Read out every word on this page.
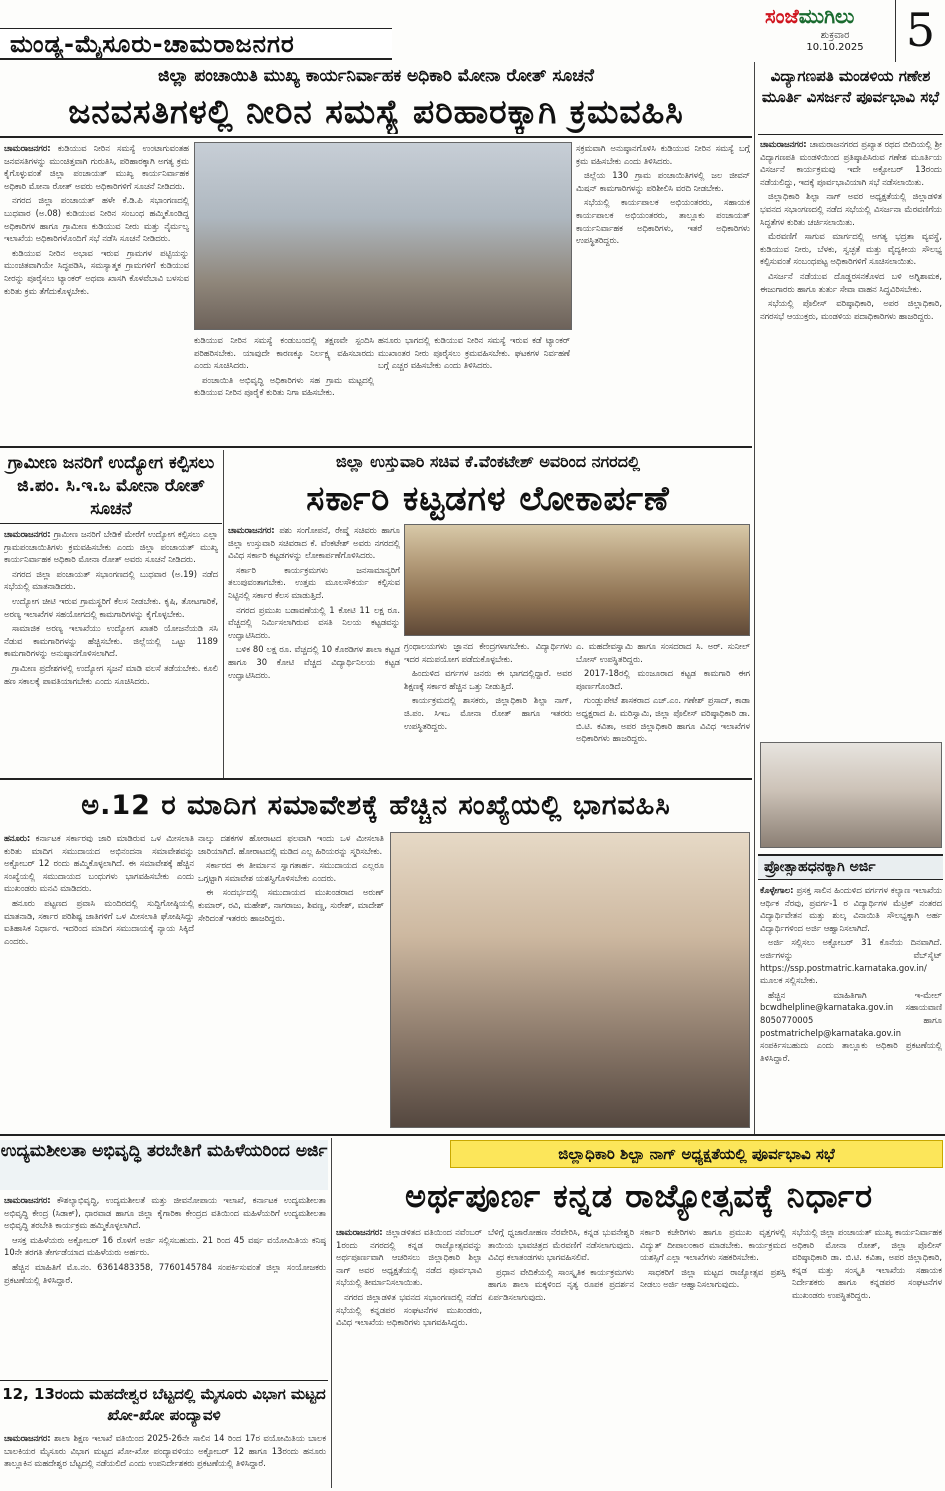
ಮಂಡ್ಯ-ಮೈಸೂರು-ಚಾಮರಾಜನಗರ
ಸಂಜೆಮುಗಿಲು
ಶುಕ್ರವಾರ
10.10.2025 5
ಜಿಲ್ಲಾ ಪಂಚಾಯಿತಿ ಮುಖ್ಯ ಕಾರ್ಯನಿರ್ವಾಹಕ ಅಧಿಕಾರಿ ಮೋನಾ ರೋತ್ ಸೂಚನೆ
ಜನವಸತಿಗಳಲ್ಲಿ ನೀರಿನ ಸಮಸ್ಯೆ ಪರಿಹಾರಕ್ಕಾಗಿ ಕ್ರಮವಹಿಸಿ

ಚಾಮರಾಜನಗರ: ಕುಡಿಯುವ ನೀರಿನ ಸಮಸ್ಯೆ ಉಂಟಾಗುವಂತಹ ಜನವಸತಿಗಳನ್ನು ಮುಂಚಿತ್ತವಾಗಿ ಗುರುತಿಸಿ, ಪರಿಹಾರಕ್ಕಾಗಿ ಅಗತ್ಯ ಕ್ರಮ ಕೈಗೊಳ್ಳುವಂತೆ ಜಿಲ್ಲಾ ಪಂಚಾಯತ್ ಮುಖ್ಯ ಕಾರ್ಯನಿರ್ವಾಹಕ ಅಧಿಕಾರಿ ಮೋನಾ ರೋತ್ ಅವರು ಅಧಿಕಾರಿಗಳಿಗೆ ಸೂಚನೆ ನೀಡಿದರು.

ನಗರದ ಜಿಲ್ಲಾ ಪಂಚಾಯತ್ ಹಳೇ ಕೆ.ಡಿ.ಪಿ ಸಭಾಂಗಣದಲ್ಲಿ ಬುಧವಾರ (ಅ.08) ಕುಡಿಯುವ ನೀರಿನ ಸಂಬಂಧ ಹಮ್ಮಿಕೊಂಡಿದ್ದ ಅಧಿಕಾರಿಗಳ ಹಾಗೂ ಗ್ರಾಮೀಣ ಕುಡಿಯುವ ನೀರು ಮತ್ತು ನೈರ್ಮಲ್ಯ ಇಲಾಖೆಯ ಅಧಿಕಾರಿಗಳೊಂದಿಗೆ ಸಭೆ ನಡೆಸಿ ಸೂಚನೆ ನೀಡಿದರು.

ಕುಡಿಯುವ ನೀರಿನ ಅಭಾವ ಇರುವ ಗ್ರಾಮಗಳ ಪಟ್ಟಿಯನ್ನು ಮುಂಚಿತವಾಗಿಯೇ ಸಿದ್ಧಪಡಿಸಿ, ಸಮಸ್ಯಾತ್ಮಕ ಗ್ರಾಮಗಳಿಗೆ ಕುಡಿಯುವ ನೀರನ್ನು ಪೂರೈಸಲು ಟ್ಯಾಂಕರ್ ಅಥವಾ ಖಾಸಗಿ ಕೊಳವೆಬಾವಿ ಬಳಸುವ ಕುರಿತು ಕ್ರಮ ತೆಗೆದುಕೊಳ್ಳಬೇಕು.

ಕುಡಿಯುವ ನೀರಿನ ಸಮಸ್ಯೆ ಕಂಡುಬಂದಲ್ಲಿ ತಕ್ಷಣವೇ ಸ್ಪಂದಿಸಿ ಪರಿಹರಿಸಬೇಕು. ಯಾವುದೇ ಕಾರಣಕ್ಕೂ ನಿರ್ಲಕ್ಷ್ಯ ವಹಿಸಬಾರದು ಎಂದು ಸೂಚಿಸಿದರು.

ಪಂಚಾಯಿತಿ ಅಭಿವೃದ್ಧಿ ಅಧಿಕಾರಿಗಳು ಸಹ ಗ್ರಾಮ ಮಟ್ಟದಲ್ಲಿ ಕುಡಿಯುವ ನೀರಿನ ಪೂರೈಕೆ ಕುರಿತು ನಿಗಾ ವಹಿಸಬೇಕು.

ಹನೂರು ಭಾಗದಲ್ಲಿ ಕುಡಿಯುವ ನೀರಿನ ಸಮಸ್ಯೆ ಇರುವ ಕಡೆ ಟ್ಯಾಂಕರ್ ಮುಖಾಂತರ ನೀರು ಪೂರೈಸಲು ಕ್ರಮವಹಿಸಬೇಕು. ಘಟಕಗಳ ನಿರ್ವಹಣೆ ಬಗ್ಗೆ ಎಚ್ಚರ ವಹಿಸಬೇಕು ಎಂದು ತಿಳಿಸಿದರು.

ಸಕ್ರಮವಾಗಿ ಅನುಷ್ಠಾನಗೊಳಿಸಿ ಕುಡಿಯುವ ನೀರಿನ ಸಮಸ್ಯೆ ಬಗ್ಗೆ ಕ್ರಮ ವಹಿಸಬೇಕು ಎಂದು ತಿಳಿಸಿದರು.

ಜಿಲ್ಲೆಯ 130 ಗ್ರಾಮ ಪಂಚಾಯಿತಿಗಳಲ್ಲಿ ಜಲ ಜೀವನ್ ಮಿಷನ್ ಕಾಮಗಾರಿಗಳನ್ನು ಪರಿಶೀಲಿಸಿ ವರದಿ ನೀಡಬೇಕು.

ಸಭೆಯಲ್ಲಿ ಕಾರ್ಯಪಾಲಕ ಅಭಿಯಂತರರು, ಸಹಾಯಕ ಕಾರ್ಯಪಾಲಕ ಅಭಿಯಂತರರು, ತಾಲ್ಲೂಕು ಪಂಚಾಯತ್ ಕಾರ್ಯನಿರ್ವಾಹಕ ಅಧಿಕಾರಿಗಳು, ಇತರೆ ಅಧಿಕಾರಿಗಳು ಉಪಸ್ಥಿತರಿದ್ದರು.

ವಿದ್ಯಾಗಣಪತಿ ಮಂಡಳಿಯ ಗಣೇಶ ಮೂರ್ತಿ ವಿಸರ್ಜನೆ ಪೂರ್ವಭಾವಿ ಸಭೆ

ಚಾಮರಾಜನಗರ: ಚಾಮರಾಜನಗರದ ಪ್ರಖ್ಯಾತ ರಥದ ಬೀದಿಯಲ್ಲಿ ಶ್ರೀ ವಿದ್ಯಾಗಣಪತಿ ಮಂಡಳಿಯಿಂದ ಪ್ರತಿಷ್ಠಾಪಿಸಿರುವ ಗಣೇಶ ಮೂರ್ತಿಯ ವಿಸರ್ಜನೆ ಕಾರ್ಯಕ್ರಮವು ಇದೇ ಅಕ್ಟೋಬರ್ 13ರಂದು ನಡೆಯಲಿದ್ದು, ಇದಕ್ಕೆ ಪೂರ್ವಭಾವಿಯಾಗಿ ಸಭೆ ನಡೆಸಲಾಯಿತು.

ಜಿಲ್ಲಾಧಿಕಾರಿ ಶಿಲ್ಪಾ ನಾಗ್ ಅವರ ಅಧ್ಯಕ್ಷತೆಯಲ್ಲಿ ಜಿಲ್ಲಾಡಳಿತ ಭವನದ ಸಭಾಂಗಣದಲ್ಲಿ ನಡೆದ ಸಭೆಯಲ್ಲಿ ವಿಸರ್ಜನಾ ಮೆರವಣಿಗೆಯ ಸಿದ್ಧತೆಗಳ ಕುರಿತು ಚರ್ಚಿಸಲಾಯಿತು.

ಮೆರವಣಿಗೆ ಸಾಗುವ ಮಾರ್ಗದಲ್ಲಿ ಅಗತ್ಯ ಭದ್ರತಾ ವ್ಯವಸ್ಥೆ, ಕುಡಿಯುವ ನೀರು, ಬೆಳಕು, ಸ್ವಚ್ಛತೆ ಮತ್ತು ವೈದ್ಯಕೀಯ ಸೌಲಭ್ಯ ಕಲ್ಪಿಸುವಂತೆ ಸಂಬಂಧಪಟ್ಟ ಅಧಿಕಾರಿಗಳಿಗೆ ಸೂಚಿಸಲಾಯಿತು.

ವಿಸರ್ಜನೆ ನಡೆಯುವ ದೊಡ್ಡರಸನಕೊಳದ ಬಳಿ ಅಗ್ನಿಶಾಮಕ, ಈಜುಗಾರರು ಹಾಗೂ ತುರ್ತು ಸೇವಾ ವಾಹನ ಸಿದ್ಧವಿರಿಸಬೇಕು.

ಸಭೆಯಲ್ಲಿ ಪೊಲೀಸ್ ವರಿಷ್ಠಾಧಿಕಾರಿ, ಅಪರ ಜಿಲ್ಲಾಧಿಕಾರಿ, ನಗರಸಭೆ ಆಯುಕ್ತರು, ಮಂಡಳಿಯ ಪದಾಧಿಕಾರಿಗಳು ಹಾಜರಿದ್ದರು.

ಪ್ರೋತ್ಸಾಹಧನಕ್ಕಾಗಿ ಅರ್ಜಿ

ಕೊಳ್ಳೇಗಾಲ: ಪ್ರಸಕ್ತ ಸಾಲಿನ ಹಿಂದುಳಿದ ವರ್ಗಗಳ ಕಲ್ಯಾಣ ಇಲಾಖೆಯ ಆರ್ಥಿಕ ನೆರವು, ಪ್ರವರ್ಗ-1 ರ ವಿದ್ಯಾರ್ಥಿಗಳ ಮೆಟ್ರಿಕ್ ನಂತರದ ವಿದ್ಯಾರ್ಥಿವೇತನ ಮತ್ತು ಶುಲ್ಕ ವಿನಾಯಿತಿ ಸೌಲಭ್ಯಕ್ಕಾಗಿ ಅರ್ಹ ವಿದ್ಯಾರ್ಥಿಗಳಿಂದ ಅರ್ಜಿ ಆಹ್ವಾನಿಸಲಾಗಿದೆ.

ಅರ್ಜಿ ಸಲ್ಲಿಸಲು ಅಕ್ಟೋಬರ್ 31 ಕೊನೆಯ ದಿನವಾಗಿದೆ. ಅರ್ಜಿಗಳನ್ನು ವೆಬ್‌ಸೈಟ್ https://ssp.postmatric.karnataka.gov.in/ ಮೂಲಕ ಸಲ್ಲಿಸಬೇಕು.

ಹೆಚ್ಚಿನ ಮಾಹಿತಿಗಾಗಿ ಇ-ಮೇಲ್ bcwdhelpline@karnataka.gov.in ಸಹಾಯವಾಣಿ 8050770005 ಹಾಗೂ postmatrichelp@karnataka.gov.in ಸಂಪರ್ಕಿಸಬಹುದು ಎಂದು ತಾಲ್ಲೂಕು ಅಧಿಕಾರಿ ಪ್ರಕಟಣೆಯಲ್ಲಿ ತಿಳಿಸಿದ್ದಾರೆ.

ಗ್ರಾಮೀಣ ಜನರಿಗೆ ಉದ್ಯೋಗ ಕಲ್ಪಿಸಲು ಜಿ.ಪಂ. ಸಿ.ಇ.ಒ ಮೋನಾ ರೋತ್ ಸೂಚನೆ

ಚಾಮರಾಜನಗರ: ಗ್ರಾಮೀಣ ಜನರಿಗೆ ಬೇಡಿಕೆ ಮೇರೆಗೆ ಉದ್ಯೋಗ ಕಲ್ಪಿಸಲು ಎಲ್ಲಾ ಗ್ರಾಮಪಂಚಾಯಿತಿಗಳು ಕ್ರಮವಹಿಸಬೇಕು ಎಂದು ಜಿಲ್ಲಾ ಪಂಚಾಯತ್ ಮುಖ್ಯ ಕಾರ್ಯನಿರ್ವಾಹಕ ಅಧಿಕಾರಿ ಮೋನಾ ರೋತ್ ಅವರು ಸೂಚನೆ ನೀಡಿದರು.

ನಗರದ ಜಿಲ್ಲಾ ಪಂಚಾಯತ್ ಸಭಾಂಗಣದಲ್ಲಿ ಬುಧವಾರ (ಅ.19) ನಡೆದ ಸಭೆಯಲ್ಲಿ ಮಾತನಾಡಿದರು.

ಉದ್ಯೋಗ ಚೀಟಿ ಇರುವ ಗ್ರಾಮಸ್ಥರಿಗೆ ಕೆಲಸ ನೀಡಬೇಕು. ಕೃಷಿ, ತೋಟಗಾರಿಕೆ, ಅರಣ್ಯ ಇಲಾಖೆಗಳ ಸಹಯೋಗದಲ್ಲಿ ಕಾಮಗಾರಿಗಳನ್ನು ಕೈಗೊಳ್ಳಬೇಕು.

ಸಾಮಾಜಿಕ ಅರಣ್ಯ ಇಲಾಖೆಯು ಉದ್ಯೋಗ ಖಾತರಿ ಯೋಜನೆಯಡಿ ಸಸಿ ನೆಡುವ ಕಾಮಗಾರಿಗಳನ್ನು ಹೆಚ್ಚಿಸಬೇಕು. ಜಿಲ್ಲೆಯಲ್ಲಿ ಒಟ್ಟು 1189 ಕಾಮಗಾರಿಗಳನ್ನು ಅನುಷ್ಠಾನಗೊಳಿಸಲಾಗಿದೆ.

ಗ್ರಾಮೀಣ ಪ್ರದೇಶಗಳಲ್ಲಿ ಉದ್ಯೋಗ ಸೃಜನೆ ಮಾಡಿ ವಲಸೆ ತಡೆಯಬೇಕು. ಕೂಲಿ ಹಣ ಸಕಾಲಕ್ಕೆ ಪಾವತಿಯಾಗಬೇಕು ಎಂದು ಸೂಚಿಸಿದರು.

ಜಿಲ್ಲಾ ಉಸ್ತುವಾರಿ ಸಚಿವ ಕೆ.ವೆಂಕಟೇಶ್ ಅವರಿಂದ ನಗರದಲ್ಲಿ
ಸರ್ಕಾರಿ ಕಟ್ಟಡಗಳ ಲೋಕಾರ್ಪಣೆ

ಚಾಮರಾಜನಗರ: ಪಶು ಸಂಗೋಪನೆ, ರೇಷ್ಮೆ ಸಚಿವರು ಹಾಗೂ ಜಿಲ್ಲಾ ಉಸ್ತುವಾರಿ ಸಚಿವರಾದ ಕೆ. ವೆಂಕಟೇಶ್ ಅವರು ನಗರದಲ್ಲಿ ವಿವಿಧ ಸರ್ಕಾರಿ ಕಟ್ಟಡಗಳನ್ನು ಲೋಕಾರ್ಪಣೆಗೊಳಿಸಿದರು.

ಸರ್ಕಾರಿ ಕಾರ್ಯಕ್ರಮಗಳು ಜನಸಾಮಾನ್ಯರಿಗೆ ತಲುಪುವಂತಾಗಬೇಕು. ಉತ್ತಮ ಮೂಲಸೌಕರ್ಯ ಕಲ್ಪಿಸುವ ನಿಟ್ಟಿನಲ್ಲಿ ಸರ್ಕಾರ ಕೆಲಸ ಮಾಡುತ್ತಿದೆ.

ನಗರದ ಪ್ರಮುಖ ಬಡಾವಣೆಯಲ್ಲಿ 1 ಕೋಟಿ 11 ಲಕ್ಷ ರೂ. ವೆಚ್ಚದಲ್ಲಿ ನಿರ್ಮಿಸಲಾಗಿರುವ ವಸತಿ ನಿಲಯ ಕಟ್ಟಡವನ್ನು ಉದ್ಘಾಟಿಸಿದರು.

ಬಳಿಕ 80 ಲಕ್ಷ ರೂ. ವೆಚ್ಚದಲ್ಲಿ 10 ಕೊಠಡಿಗಳ ಶಾಲಾ ಕಟ್ಟಡ ಹಾಗೂ 30 ಕೋಟಿ ವೆಚ್ಚದ ವಿದ್ಯಾರ್ಥಿನಿಲಯ ಕಟ್ಟಡ ಉದ್ಘಾಟಿಸಿದರು.

ಗ್ರಂಥಾಲಯಗಳು ಜ್ಞಾನದ ಕೇಂದ್ರಗಳಾಗಬೇಕು. ವಿದ್ಯಾರ್ಥಿಗಳು ಇದರ ಸದುಪಯೋಗ ಪಡೆದುಕೊಳ್ಳಬೇಕು.

ಹಿಂದುಳಿದ ವರ್ಗಗಳ ಜನರು ಈ ಭಾಗದಲ್ಲಿದ್ದಾರೆ. ಅವರ ಶಿಕ್ಷಣಕ್ಕೆ ಸರ್ಕಾರ ಹೆಚ್ಚಿನ ಒತ್ತು ನೀಡುತ್ತಿದೆ.

ಕಾರ್ಯಕ್ರಮದಲ್ಲಿ ಶಾಸಕರು, ಜಿಲ್ಲಾಧಿಕಾರಿ ಶಿಲ್ಪಾ ನಾಗ್, ಜಿ.ಪಂ. ಸಿಇಒ ಮೋನಾ ರೋತ್ ಹಾಗೂ ಇತರರು ಉಪಸ್ಥಿತರಿದ್ದರು.

ಎ. ಮಹದೇವಸ್ವಾಮಿ ಹಾಗೂ ಸಂಸದರಾದ ಸಿ. ಅರ್. ಸುನೀಲ್ ಬೋಸ್ ಉಪಸ್ಥಿತರಿದ್ದರು.

2017-18ರಲ್ಲಿ ಮಂಜೂರಾದ ಕಟ್ಟಡ ಕಾಮಗಾರಿ ಈಗ ಪೂರ್ಣಗೊಂಡಿದೆ.

ಗುಂಡ್ಲುಪೇಟೆ ಶಾಸಕರಾದ ಎಚ್.ಎಂ. ಗಣೇಶ್ ಪ್ರಸಾದ್, ಕಾಡಾ ಅಧ್ಯಕ್ಷರಾದ ಪಿ. ಮರಿಸ್ವಾಮಿ, ಜಿಲ್ಲಾ ಪೊಲೀಸ್ ವರಿಷ್ಠಾಧಿಕಾರಿ ಡಾ. ಬಿ.ಟಿ. ಕವಿತಾ, ಅಪರ ಜಿಲ್ಲಾಧಿಕಾರಿ ಹಾಗೂ ವಿವಿಧ ಇಲಾಖೆಗಳ ಅಧಿಕಾರಿಗಳು ಹಾಜರಿದ್ದರು.

ಅ.12 ರ ಮಾದಿಗ ಸಮಾವೇಶಕ್ಕೆ ಹೆಚ್ಚಿನ ಸಂಖ್ಯೆಯಲ್ಲಿ ಭಾಗವಹಿಸಿ

ಹನೂರು: ಕರ್ನಾಟಕ ಸರ್ಕಾರವು ಜಾರಿ ಮಾಡಿರುವ ಒಳ ಮೀಸಲಾತಿ ಕುರಿತು ಮಾದಿಗ ಸಮುದಾಯದ ಅಭಿನಂದನಾ ಸಮಾವೇಶವನ್ನು ಅಕ್ಟೋಬರ್ 12 ರಂದು ಹಮ್ಮಿಕೊಳ್ಳಲಾಗಿದೆ. ಈ ಸಮಾವೇಶಕ್ಕೆ ಹೆಚ್ಚಿನ ಸಂಖ್ಯೆಯಲ್ಲಿ ಸಮುದಾಯದ ಬಂಧುಗಳು ಭಾಗವಹಿಸಬೇಕು ಎಂದು ಮುಖಂಡರು ಮನವಿ ಮಾಡಿದರು.

ಹನೂರು ಪಟ್ಟಣದ ಪ್ರವಾಸಿ ಮಂದಿರದಲ್ಲಿ ಸುದ್ದಿಗೋಷ್ಠಿಯಲ್ಲಿ ಮಾತನಾಡಿ, ಸರ್ಕಾರ ಪರಿಶಿಷ್ಟ ಜಾತಿಗಳಿಗೆ ಒಳ ಮೀಸಲಾತಿ ಘೋಷಿಸಿದ್ದು ಐತಿಹಾಸಿಕ ನಿರ್ಧಾರ. ಇದರಿಂದ ಮಾದಿಗ ಸಮುದಾಯಕ್ಕೆ ನ್ಯಾಯ ಸಿಕ್ಕಿದೆ ಎಂದರು.

ನಾಲ್ಕು ದಶಕಗಳ ಹೋರಾಟದ ಫಲವಾಗಿ ಇಂದು ಒಳ ಮೀಸಲಾತಿ ಜಾರಿಯಾಗಿದೆ. ಹೋರಾಟದಲ್ಲಿ ಮಡಿದ ಎಲ್ಲ ಹಿರಿಯರನ್ನು ಸ್ಮರಿಸಬೇಕು.

ಸರ್ಕಾರದ ಈ ತೀರ್ಮಾನ ಸ್ವಾಗತಾರ್ಹ. ಸಮುದಾಯದ ಎಲ್ಲರೂ ಒಗ್ಗಟ್ಟಾಗಿ ಸಮಾವೇಶ ಯಶಸ್ವಿಗೊಳಿಸಬೇಕು ಎಂದರು.

ಈ ಸಂದರ್ಭದಲ್ಲಿ ಸಮುದಾಯದ ಮುಖಂಡರಾದ ಅರುಣ್ ಕುಮಾರ್, ರವಿ, ಮಹೇಶ್, ನಾಗರಾಜು, ಶಿವಣ್ಣ, ಸುರೇಶ್, ಮಾದೇಶ್ ಸೇರಿದಂತೆ ಇತರರು ಹಾಜರಿದ್ದರು.

ಉದ್ಯಮಶೀಲತಾ ಅಭಿವೃದ್ಧಿ ತರಬೇತಿಗೆ ಮಹಿಳೆಯರಿಂದ ಅರ್ಜಿ

ಚಾಮರಾಜನಗರ: ಕೌಶಲ್ಯಾಭಿವೃದ್ಧಿ, ಉದ್ಯಮಶೀಲತೆ ಮತ್ತು ಜೀವನೋಪಾಯ ಇಲಾಖೆ, ಕರ್ನಾಟಕ ಉದ್ಯಮಶೀಲತಾ ಅಭಿವೃದ್ಧಿ ಕೇಂದ್ರ (ಸಿಡಾಕ್), ಧಾರವಾಡ ಹಾಗೂ ಜಿಲ್ಲಾ ಕೈಗಾರಿಕಾ ಕೇಂದ್ರದ ವತಿಯಿಂದ ಮಹಿಳೆಯರಿಗೆ ಉದ್ಯಮಶೀಲತಾ ಅಭಿವೃದ್ಧಿ ತರಬೇತಿ ಕಾರ್ಯಕ್ರಮ ಹಮ್ಮಿಕೊಳ್ಳಲಾಗಿದೆ.

ಆಸಕ್ತ ಮಹಿಳೆಯರು ಅಕ್ಟೋಬರ್ 16 ರೊಳಗೆ ಅರ್ಜಿ ಸಲ್ಲಿಸಬಹುದು. 21 ರಿಂದ 45 ವರ್ಷ ವಯೋಮಿತಿಯ ಕನಿಷ್ಠ 10ನೇ ತರಗತಿ ತೇರ್ಗಡೆಯಾದ ಮಹಿಳೆಯರು ಅರ್ಹರು.

ಹೆಚ್ಚಿನ ಮಾಹಿತಿಗೆ ಮೊ.ನಂ. 6361483358, 7760145784 ಸಂಪರ್ಕಿಸುವಂತೆ ಜಿಲ್ಲಾ ಸಂಯೋಜಕರು ಪ್ರಕಟಣೆಯಲ್ಲಿ ತಿಳಿಸಿದ್ದಾರೆ.

12, 13ರಂದು ಮಹದೇಶ್ವರ ಬೆಟ್ಟದಲ್ಲಿ ಮೈಸೂರು ವಿಭಾಗ ಮಟ್ಟದ ಖೋ-ಖೋ ಪಂದ್ಯಾವಳಿ

ಚಾಮರಾಜನಗರ: ಶಾಲಾ ಶಿಕ್ಷಣ ಇಲಾಖೆ ವತಿಯಿಂದ 2025-26ನೇ ಸಾಲಿನ 14 ರಿಂದ 17ರ ವಯೋಮಿತಿಯ ಬಾಲಕ ಬಾಲಕಿಯರ ಮೈಸೂರು ವಿಭಾಗ ಮಟ್ಟದ ಖೋ-ಖೋ ಪಂದ್ಯಾವಳಿಯು ಅಕ್ಟೋಬರ್ 12 ಹಾಗೂ 13ರಂದು ಹನೂರು ತಾಲ್ಲೂಕಿನ ಮಹದೇಶ್ವರ ಬೆಟ್ಟದಲ್ಲಿ ನಡೆಯಲಿದೆ ಎಂದು ಉಪನಿರ್ದೇಶಕರು ಪ್ರಕಟಣೆಯಲ್ಲಿ ತಿಳಿಸಿದ್ದಾರೆ.

ಜಿಲ್ಲಾಧಿಕಾರಿ ಶಿಲ್ಪಾ ನಾಗ್ ಅಧ್ಯಕ್ಷತೆಯಲ್ಲಿ ಪೂರ್ವಭಾವಿ ಸಭೆ
ಅರ್ಥಪೂರ್ಣ ಕನ್ನಡ ರಾಜ್ಯೋತ್ಸವಕ್ಕೆ ನಿರ್ಧಾರ

ಚಾಮರಾಜನಗರ: ಜಿಲ್ಲಾಡಳಿತದ ವತಿಯಿಂದ ನವೆಂಬರ್ 1ರಂದು ನಗರದಲ್ಲಿ ಕನ್ನಡ ರಾಜ್ಯೋತ್ಸವವನ್ನು ಅರ್ಥಪೂರ್ಣವಾಗಿ ಆಚರಿಸಲು ಜಿಲ್ಲಾಧಿಕಾರಿ ಶಿಲ್ಪಾ ನಾಗ್ ಅವರ ಅಧ್ಯಕ್ಷತೆಯಲ್ಲಿ ನಡೆದ ಪೂರ್ವಭಾವಿ ಸಭೆಯಲ್ಲಿ ತೀರ್ಮಾನಿಸಲಾಯಿತು.

ನಗರದ ಜಿಲ್ಲಾಡಳಿತ ಭವನದ ಸಭಾಂಗಣದಲ್ಲಿ ನಡೆದ ಸಭೆಯಲ್ಲಿ ಕನ್ನಡಪರ ಸಂಘಟನೆಗಳ ಮುಖಂಡರು, ವಿವಿಧ ಇಲಾಖೆಯ ಅಧಿಕಾರಿಗಳು ಭಾಗವಹಿಸಿದ್ದರು.

ಬೆಳಿಗ್ಗೆ ಧ್ವಜಾರೋಹಣ ನೆರವೇರಿಸಿ, ಕನ್ನಡ ಭುವನೇಶ್ವರಿ ತಾಯಿಯ ಭಾವಚಿತ್ರದ ಮೆರವಣಿಗೆ ನಡೆಸಲಾಗುವುದು. ವಿವಿಧ ಕಲಾತಂಡಗಳು ಭಾಗವಹಿಸಲಿವೆ.

ಪ್ರಧಾನ ವೇದಿಕೆಯಲ್ಲಿ ಸಾಂಸ್ಕೃತಿಕ ಕಾರ್ಯಕ್ರಮಗಳು ಹಾಗೂ ಶಾಲಾ ಮಕ್ಕಳಿಂದ ನೃತ್ಯ ರೂಪಕ ಪ್ರದರ್ಶನ ಏರ್ಪಡಿಸಲಾಗುವುದು.

ಸರ್ಕಾರಿ ಕಚೇರಿಗಳು ಹಾಗೂ ಪ್ರಮುಖ ವೃತ್ತಗಳಲ್ಲಿ ವಿದ್ಯುತ್ ದೀಪಾಲಂಕಾರ ಮಾಡಬೇಕು. ಕಾರ್ಯಕ್ರಮದ ಯಶಸ್ಸಿಗೆ ಎಲ್ಲಾ ಇಲಾಖೆಗಳು ಸಹಕರಿಸಬೇಕು.

ಸಾಧಕರಿಗೆ ಜಿಲ್ಲಾ ಮಟ್ಟದ ರಾಜ್ಯೋತ್ಸವ ಪ್ರಶಸ್ತಿ ನೀಡಲು ಅರ್ಜಿ ಆಹ್ವಾನಿಸಲಾಗುವುದು.

ಸಭೆಯಲ್ಲಿ ಜಿಲ್ಲಾ ಪಂಚಾಯತ್ ಮುಖ್ಯ ಕಾರ್ಯನಿರ್ವಾಹಕ ಅಧಿಕಾರಿ ಮೋನಾ ರೋತ್, ಜಿಲ್ಲಾ ಪೊಲೀಸ್ ವರಿಷ್ಠಾಧಿಕಾರಿ ಡಾ. ಬಿ.ಟಿ. ಕವಿತಾ, ಅಪರ ಜಿಲ್ಲಾಧಿಕಾರಿ, ಕನ್ನಡ ಮತ್ತು ಸಂಸ್ಕೃತಿ ಇಲಾಖೆಯ ಸಹಾಯಕ ನಿರ್ದೇಶಕರು ಹಾಗೂ ಕನ್ನಡಪರ ಸಂಘಟನೆಗಳ ಮುಖಂಡರು ಉಪಸ್ಥಿತರಿದ್ದರು.
